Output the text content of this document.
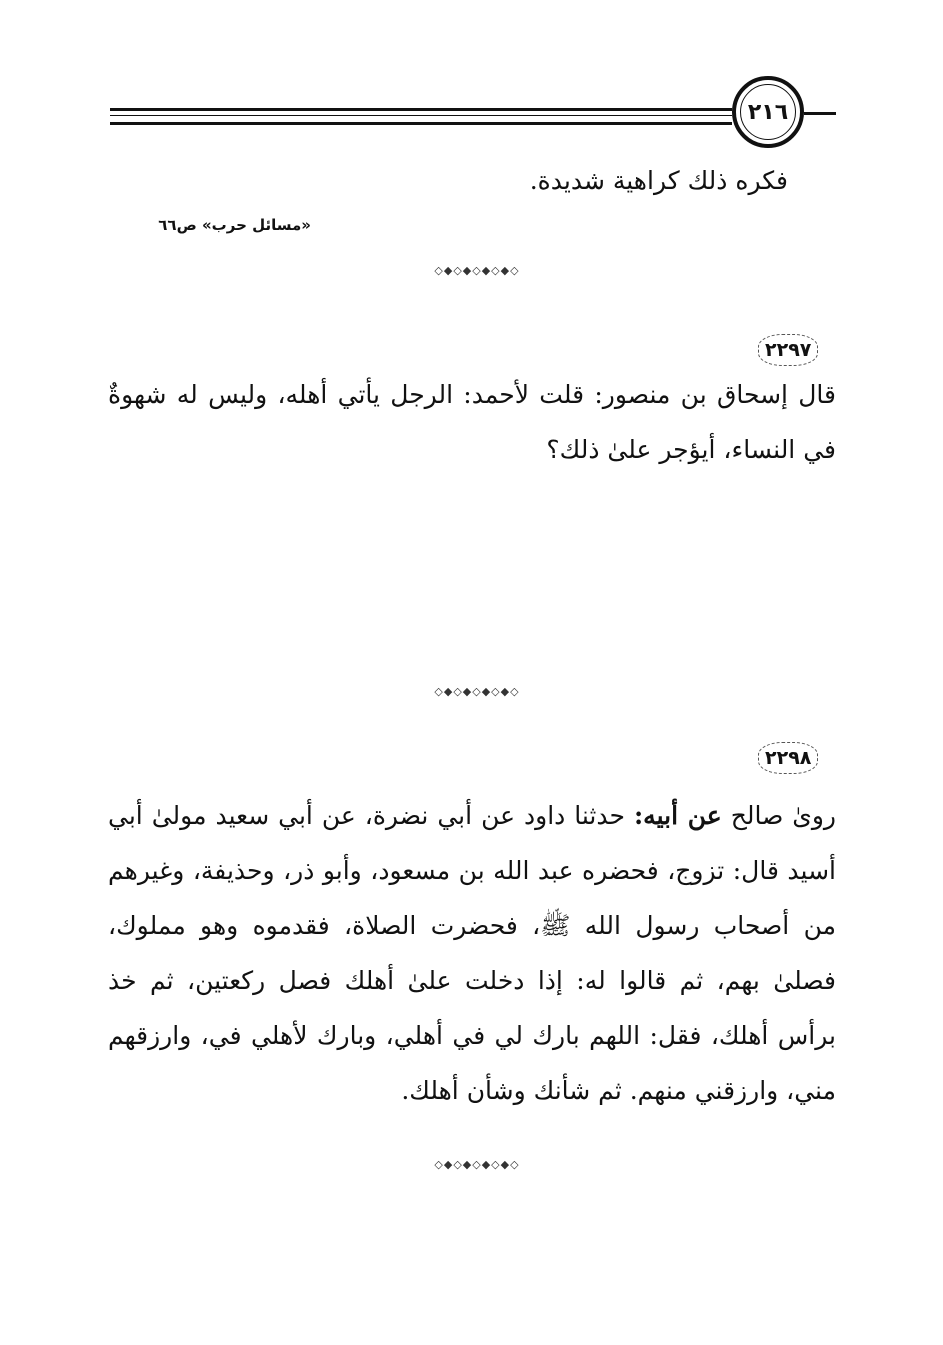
٢١٦
فكره ذلك كراهية شديدة.
«مسائل حرب» ص٦٦
◇◆◇◆◇◆◇◆◇
٢٢٩٧
قال إسحاق بن منصور: قلت لأحمد: الرجل يأتي أهله، وليس له شهوةٌ في النساء، أيؤجر علىٰ ذلك؟
◇◆◇◆◇◆◇◆◇
٢٢٩٨
روىٰ صالح عن أبيه: حدثنا داود عن أبي نضرة، عن أبي سعيد مولىٰ أبي أسيد قال: تزوج، فحضره عبد الله بن مسعود، وأبو ذر، وحذيفة، وغيرهم من أصحاب رسول الله ﷺ، فحضرت الصلاة، فقدموه وهو مملوك، فصلىٰ بهم، ثم قالوا له: إذا دخلت علىٰ أهلك فصل ركعتين، ثم خذ برأس أهلك، فقل: اللهم بارك لي في أهلي، وبارك لأهلي في، وارزقهم مني، وارزقني منهم. ثم شأنك وشأن أهلك.
◇◆◇◆◇◆◇◆◇
